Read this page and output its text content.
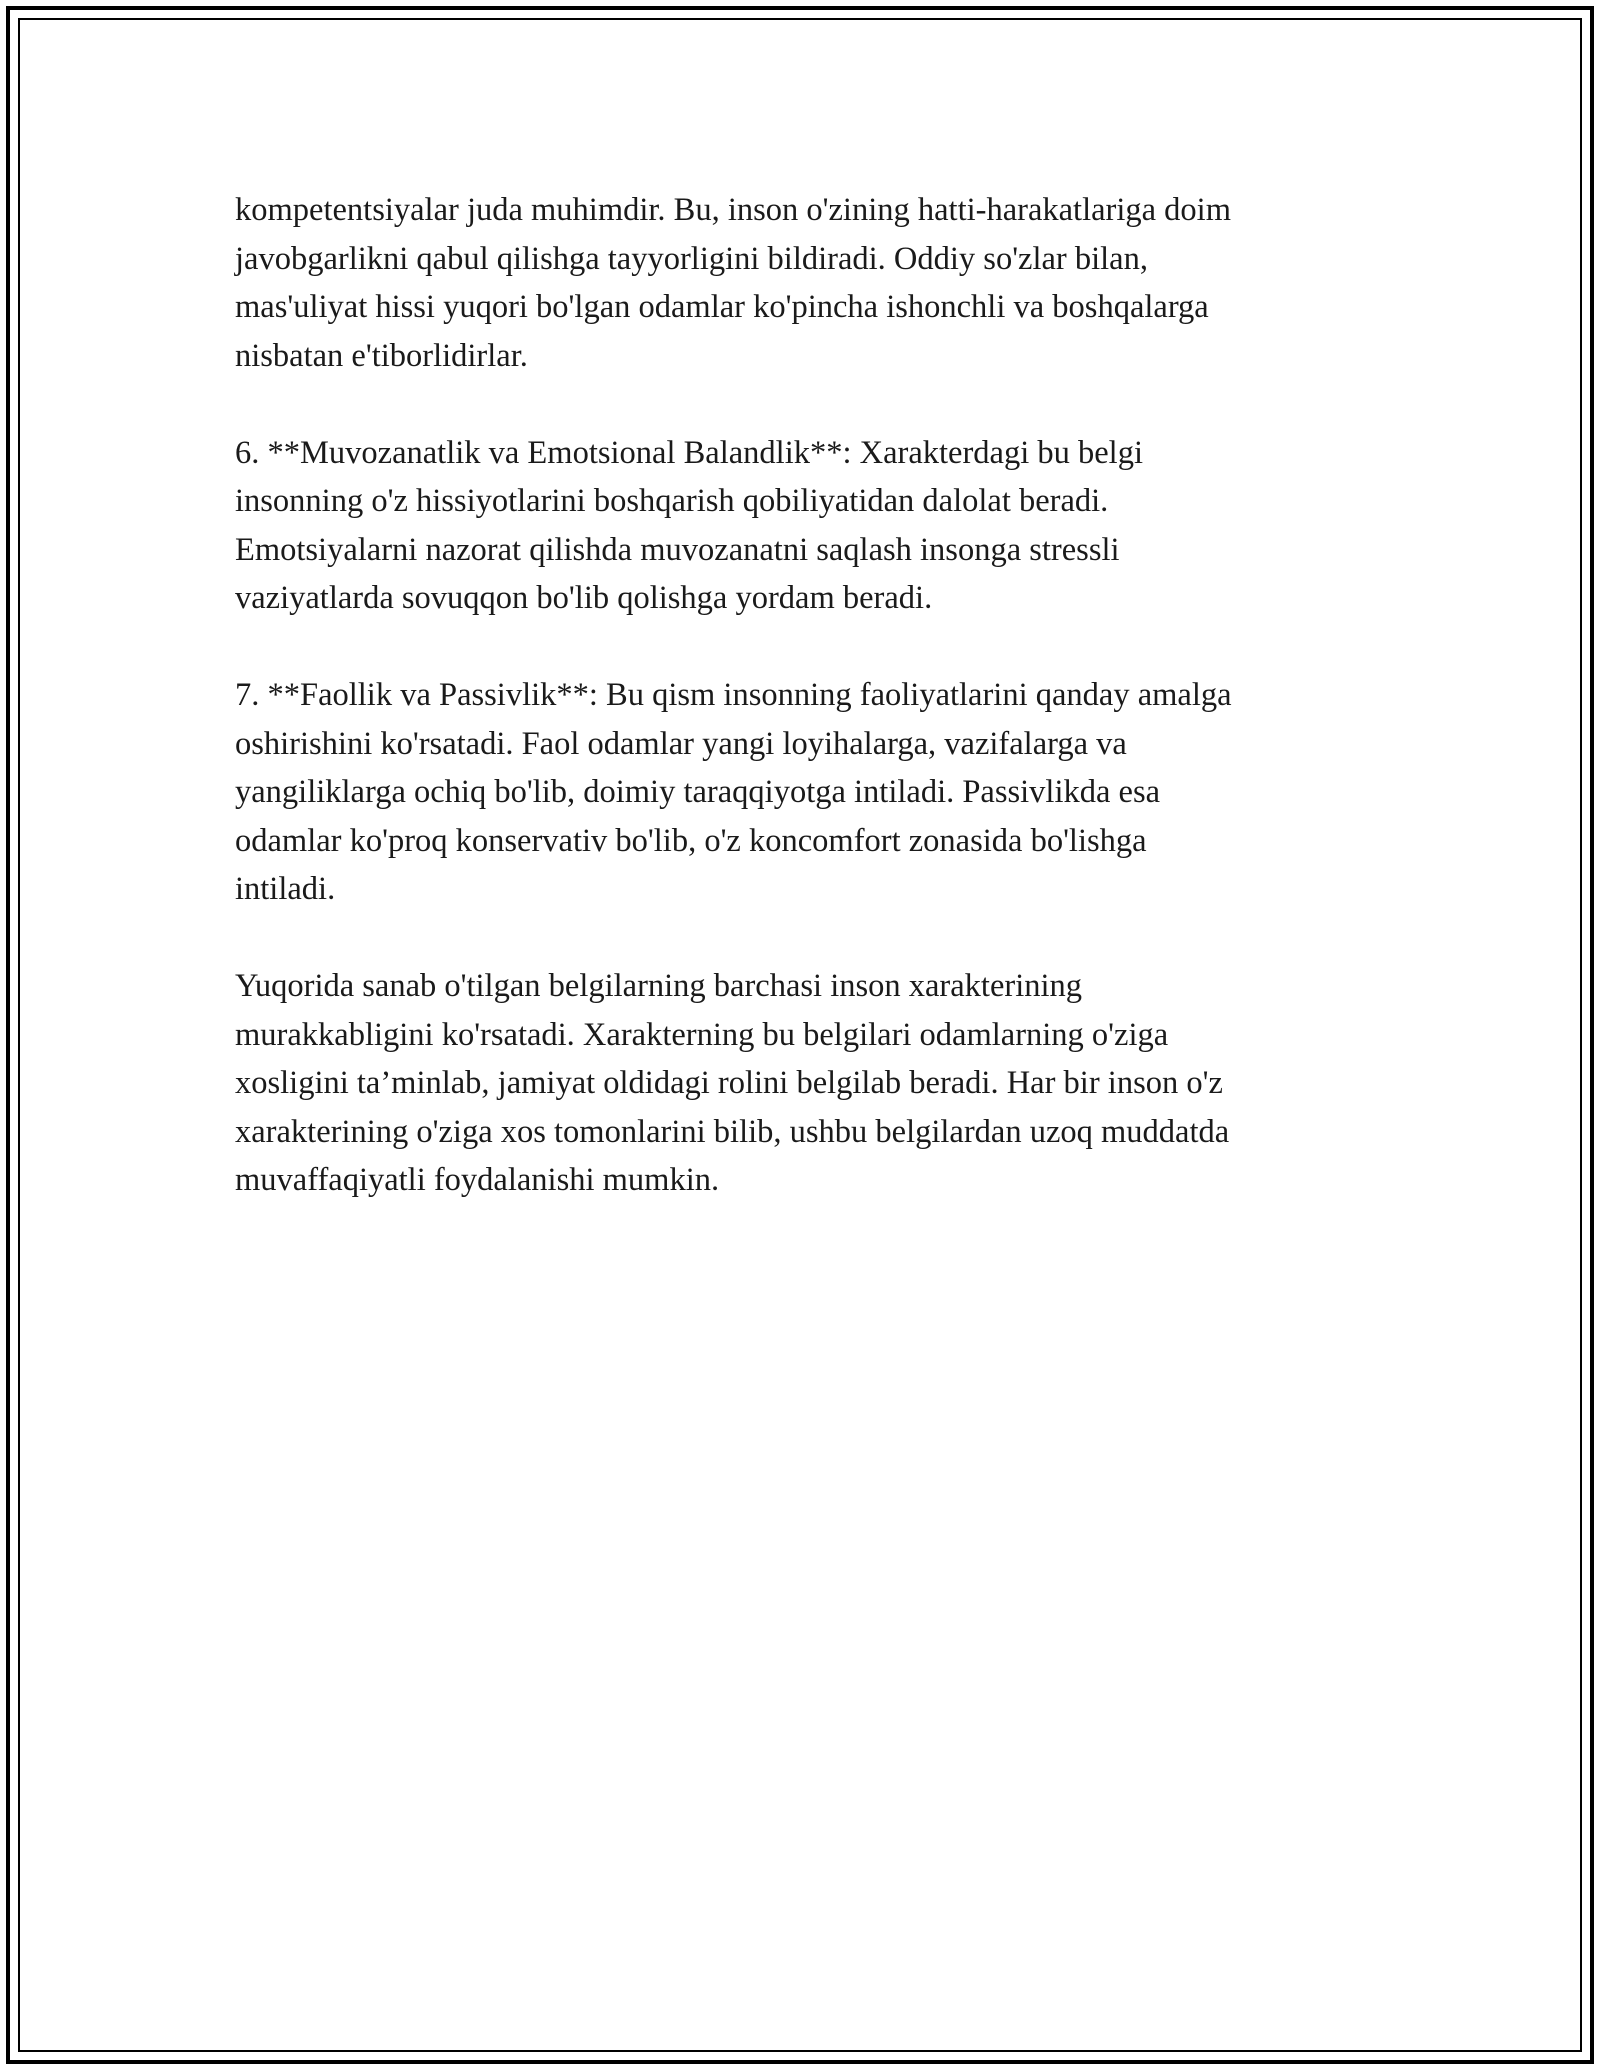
kompetentsiyalar juda muhimdir. Bu, inson o'zining hatti-harakatlariga doim
javobgarlikni qabul qilishga tayyorligini bildiradi. Oddiy so'zlar bilan,
mas'uliyat hissi yuqori bo'lgan odamlar ko'pincha ishonchli va boshqalarga
nisbatan e'tiborlidirlar.

6. **Muvozanatlik va Emotsional Balandlik**: Xarakterdagi bu belgi
insonning o'z hissiyotlarini boshqarish qobiliyatidan dalolat beradi.
Emotsiyalarni nazorat qilishda muvozanatni saqlash insonga stressli
vaziyatlarda sovuqqon bo'lib qolishga yordam beradi.

7. **Faollik va Passivlik**: Bu qism insonning faoliyatlarini qanday amalga
oshirishini ko'rsatadi. Faol odamlar yangi loyihalarga, vazifalarga va
yangiliklarga ochiq bo'lib, doimiy taraqqiyotga intiladi. Passivlikda esa
odamlar ko'proq konservativ bo'lib, o'z koncomfort zonasida bo'lishga
intiladi.

Yuqorida sanab o'tilgan belgilarning barchasi inson xarakterining
murakkabligini ko'rsatadi. Xarakterning bu belgilari odamlarning o'ziga
xosligini ta’minlab, jamiyat oldidagi rolini belgilab beradi. Har bir inson o'z
xarakterining o'ziga xos tomonlarini bilib, ushbu belgilardan uzoq muddatda
muvaffaqiyatli foydalanishi mumkin.
